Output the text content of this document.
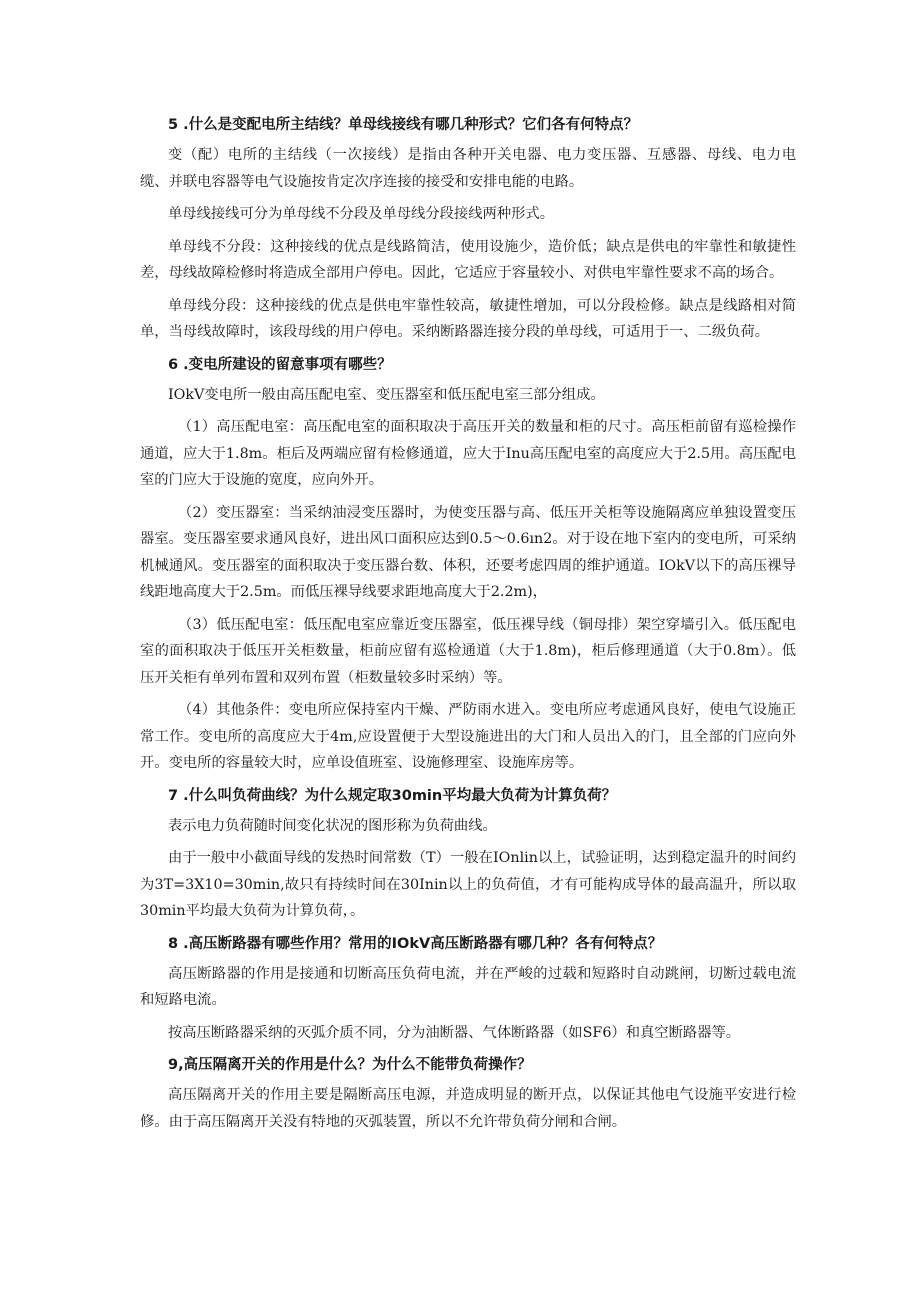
5 .什么是变配电所主结线？单母线接线有哪几种形式？它们各有何特点？

变（配）电所的主结线（一次接线）是指由各种开关电器、电力变压器、互感器、母线、电力电缆、并联电容器等电气设施按肯定次序连接的接受和安排电能的电路。

单母线接线可分为单母线不分段及单母线分段接线两种形式。

单母线不分段：这种接线的优点是线路简洁，使用设施少，造价低；缺点是供电的牢靠性和敏捷性差，母线故障检修时将造成全部用户停电。因此，它适应于容量较小、对供电牢靠性要求不高的场合。

单母线分段：这种接线的优点是供电牢靠性较高，敏捷性增加，可以分段检修。缺点是线路相对简单，当母线故障时，该段母线的用户停电。采纳断路器连接分段的单母线，可适用于一、二级负荷。

6 .变电所建设的留意事项有哪些？

IOkV变电所一般由高压配电室、变压器室和低压配电室三部分组成。

（1）高压配电室：高压配电室的面积取决于高压开关的数量和柜的尺寸。高压柜前留有巡检操作通道，应大于1.8m。柜后及两端应留有检修通道，应大于Inu高压配电室的高度应大于2.5用。高压配电室的门应大于设施的宽度，应向外开。

（2）变压器室：当采纳油浸变压器时，为使变压器与高、低压开关柜等设施隔离应单独设置变压器室。变压器室要求通风良好，进出风口面积应达到0.5～0.6ın2。对于设在地下室内的变电所，可采纳机械通风。变压器室的面积取决于变压器台数、体积，还要考虑四周的维护通道。IOkV以下的高压裸导线距地高度大于2.5m。而低压裸导线要求距地高度大于2.2m)，

（3）低压配电室：低压配电室应靠近变压器室，低压裸导线（铜母排）架空穿墙引入。低压配电室的面积取决于低压开关柜数量，柜前应留有巡检通道（大于1.8m)，柜后修理通道（大于0.8m）。低压开关柜有单列布置和双列布置（柜数量较多时采纳）等。

（4）其他条件：变电所应保持室内干燥、严防雨水进入。变电所应考虑通风良好，使电气设施正常工作。变电所的高度应大于4m,应设置便于大型设施进出的大门和人员出入的门，且全部的门应向外开。变电所的容量较大时，应单设值班室、设施修理室、设施库房等。

7 .什么叫负荷曲线？为什么规定取30min平均最大负荷为计算负荷？

表示电力负荷随时间变化状况的图形称为负荷曲线。

由于一般中小截面导线的发热时间常数（T）一般在IOnlin以上，试验证明，达到稳定温升的时间约为3T=3X10=30min,故只有持续时间在30Inin以上的负荷值，才有可能构成导体的最高温升，所以取30min平均最大负荷为计算负荷，。

8 .高压断路器有哪些作用？常用的IOkV高压断路器有哪几种？各有何特点？

高压断路器的作用是接通和切断高压负荷电流，并在严峻的过载和短路时自动跳闸，切断过载电流和短路电流。

按高压断路器采纳的灭弧介质不同，分为油断器、气体断路器（如SF6）和真空断路器等。

9,高压隔离开关的作用是什么？为什么不能带负荷操作？

高压隔离开关的作用主要是隔断高压电源，并造成明显的断开点，以保证其他电气设施平安进行检修。由于高压隔离开关没有特地的灭弧装置，所以不允许带负荷分闸和合闸。
